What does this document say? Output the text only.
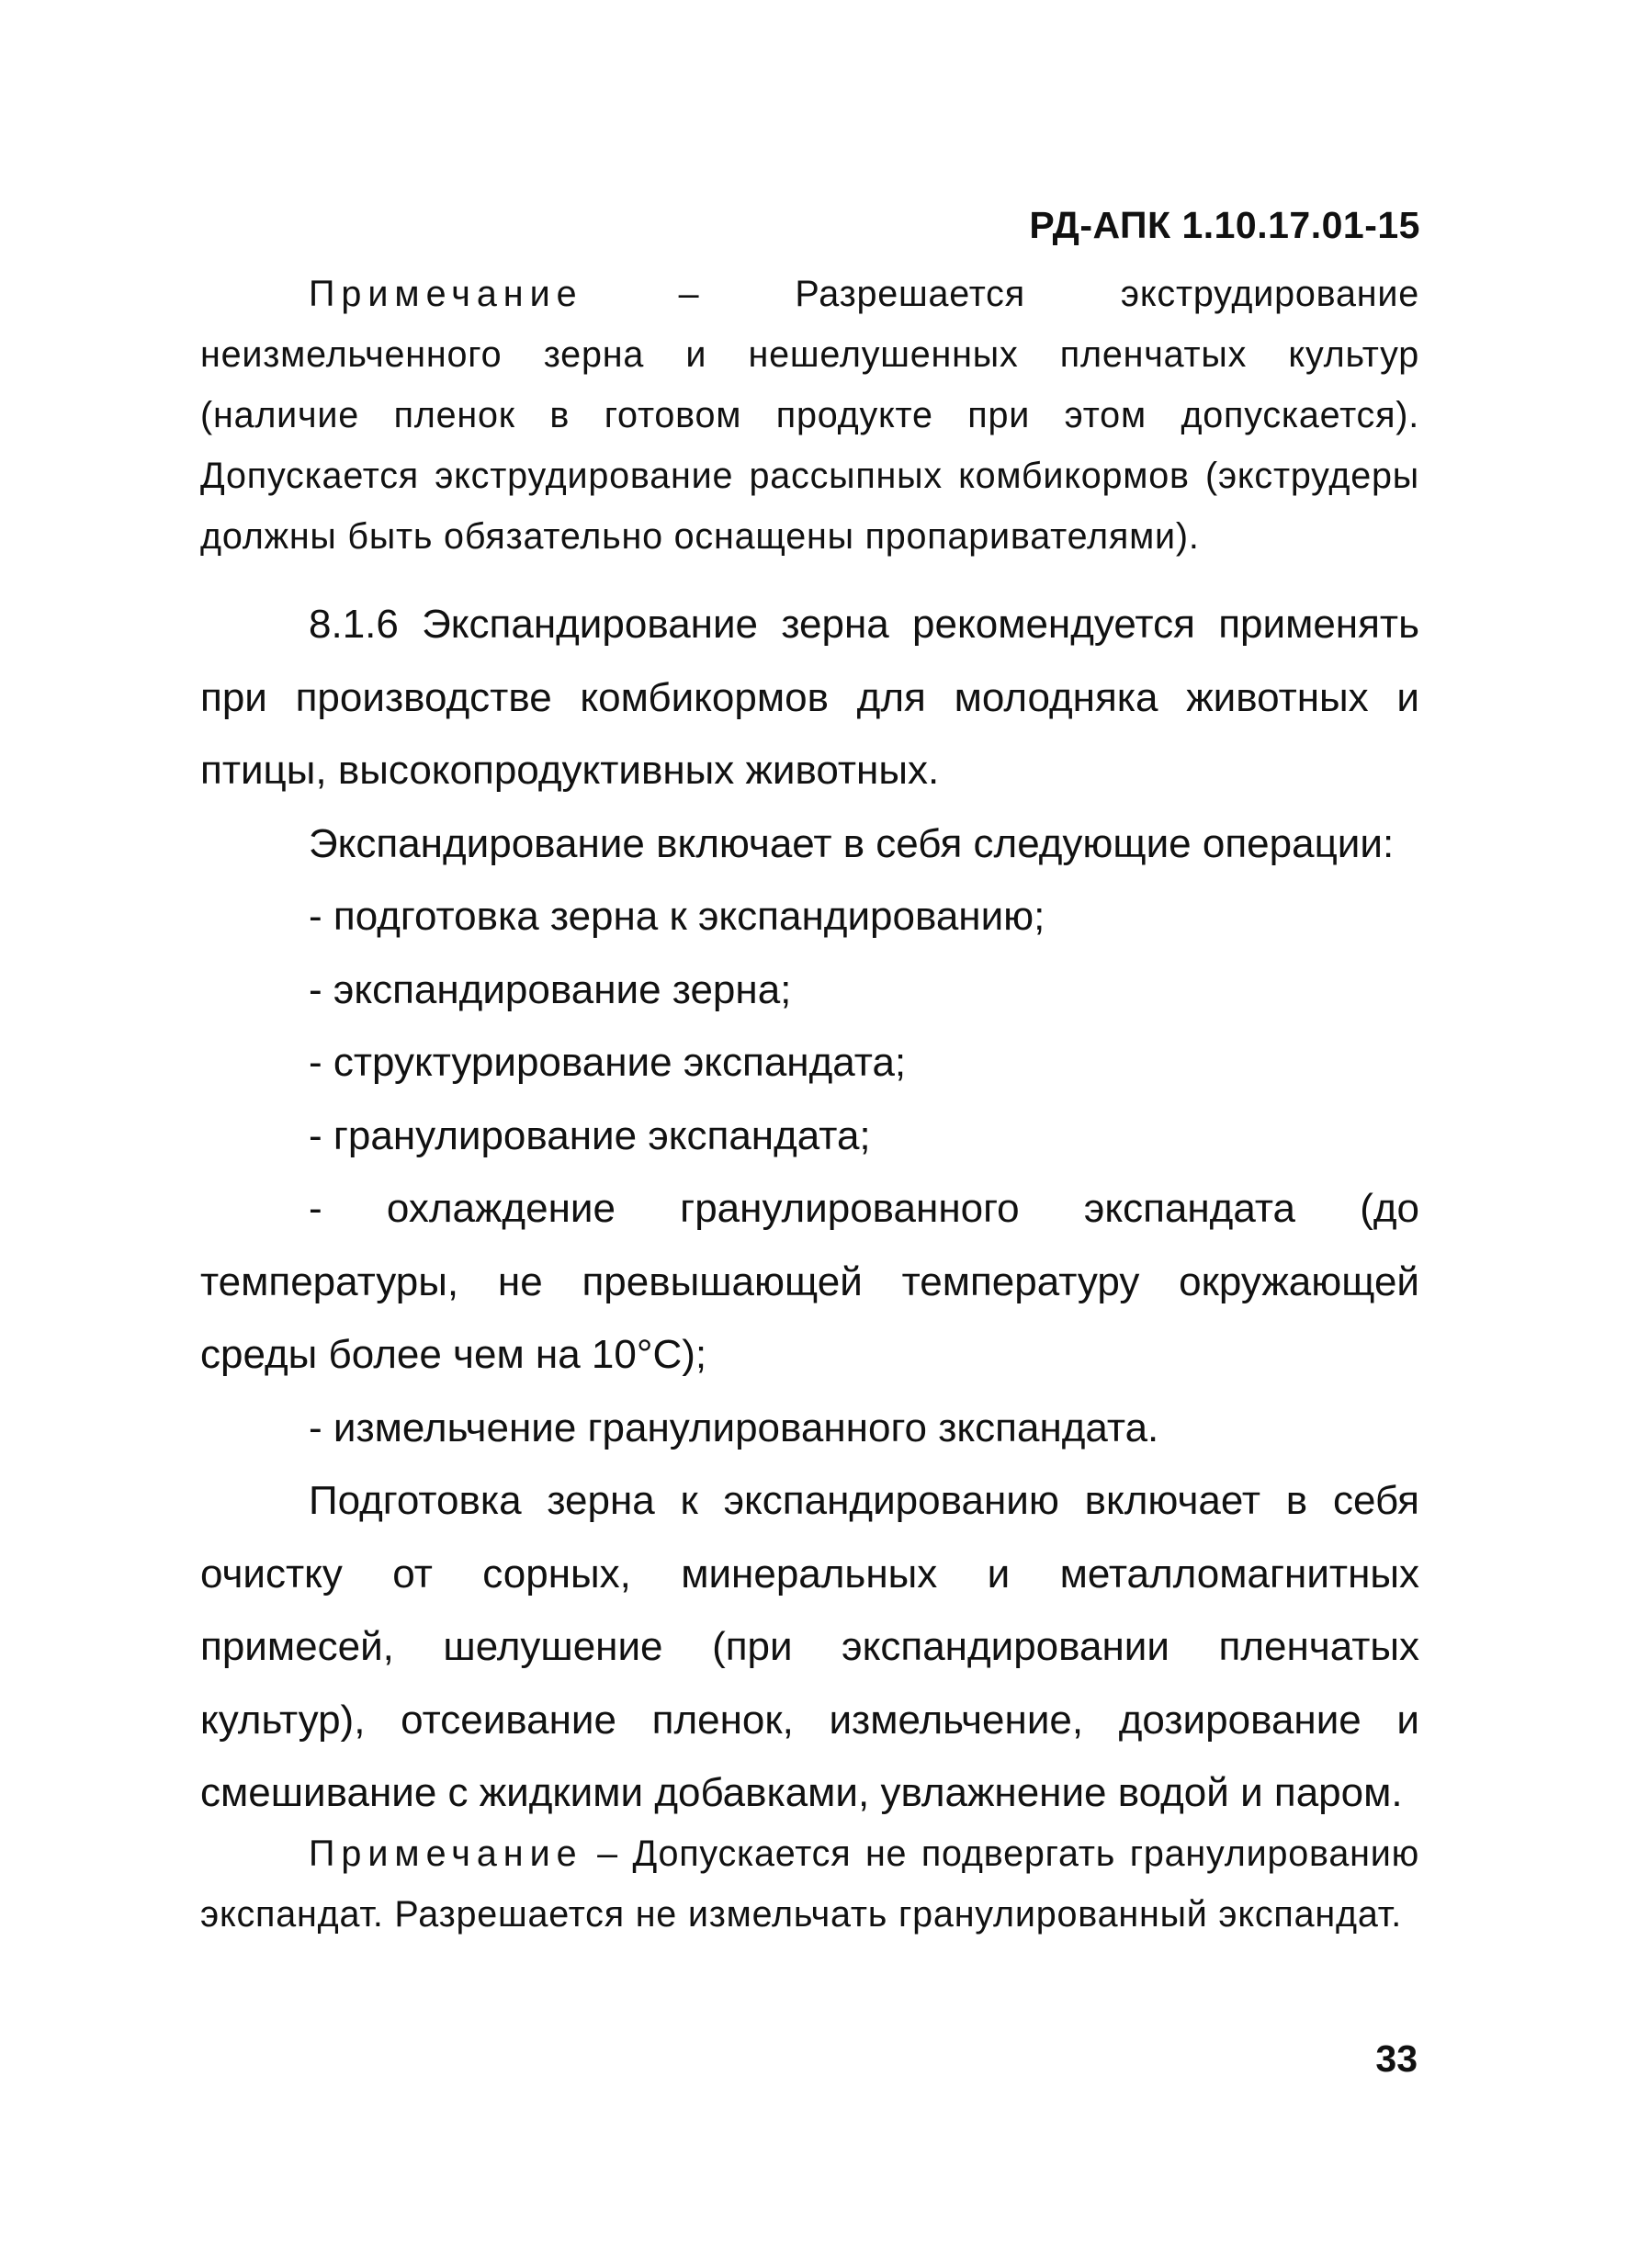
РД-АПК 1.10.17.01-15

Примечание – Разрешается экструдирование неизмельченного зерна и нешелушенных пленчатых культур (наличие пленок в готовом продукте при этом допускается). Допускается экструдирование рассыпных комбикормов (экструдеры должны быть обязательно оснащены пропаривателями).

8.1.6 Экспандирование зерна рекомендуется применять при производстве комбикормов для молодняка животных и птицы, высокопродуктивных животных.

Экспандирование включает в себя следующие операции:

- подготовка зерна к экспандированию;

- экспандирование зерна;

- структурирование экспандата;

- гранулирование экспандата;

- охлаждение гранулированного экспандата (до температуры, не превышающей температуру окружающей среды более чем на 10°С);

- измельчение гранулированного зкспандата.

Подготовка зерна к экспандированию включает в себя очистку от сорных, минеральных и металломагнитных примесей, шелушение (при экспандировании пленчатых культур), отсеивание пленок, измельчение, дозирование и смешивание с жидкими добавками, увлажнение водой и паром.

Примечание – Допускается не подвергать гранулированию экспандат. Разрешается не измельчать гранулированный экспандат.

33
